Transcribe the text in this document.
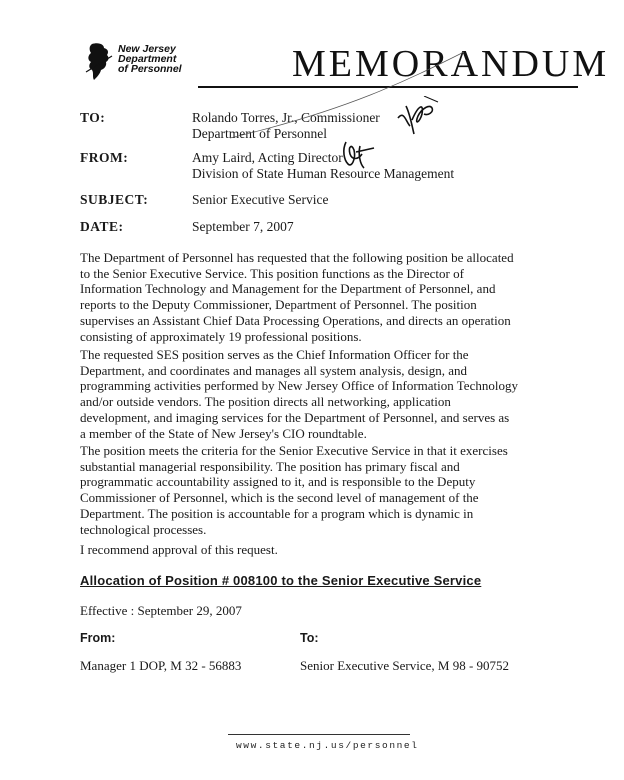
New Jersey
Department
of Personnel	MEMORANDUM
TO:	Rolando Torres, Jr., Commissioner
Department of Personnel
FROM:	Amy Laird, Acting Director
Division of State Human Resource Management
SUBJECT:	Senior Executive Service
DATE:	September 7, 2007

The Department of Personnel has requested that the following position be allocated
to the Senior Executive Service. This position functions as the Director of
Information Technology and Management for the Department of Personnel, and
reports to the Deputy Commissioner, Department of Personnel. The position
supervises an Assistant Chief Data Processing Operations, and directs an operation
consisting of approximately 19 professional positions.

The requested SES position serves as the Chief Information Officer for the
Department, and coordinates and manages all system analysis, design, and
programming activities performed by New Jersey Office of Information Technology
and/or outside vendors. The position directs all networking, application
development, and imaging services for the Department of Personnel, and serves as
a member of the State of New Jersey's CIO roundtable.

The position meets the criteria for the Senior Executive Service in that it exercises
substantial managerial responsibility. The position has primary fiscal and
programmatic accountability assigned to it, and is responsible to the Deputy
Commissioner of Personnel, which is the second level of management of the
Department. The position is accountable for a program which is dynamic in
technological processes.

I recommend approval of this request.

Allocation of Position # 008100 to the Senior Executive Service
Effective : September 29, 2007
From:	To:
Manager 1 DOP, M 32 - 56883	Senior Executive Service, M 98 - 90752
www.state.nj.us/personnel
